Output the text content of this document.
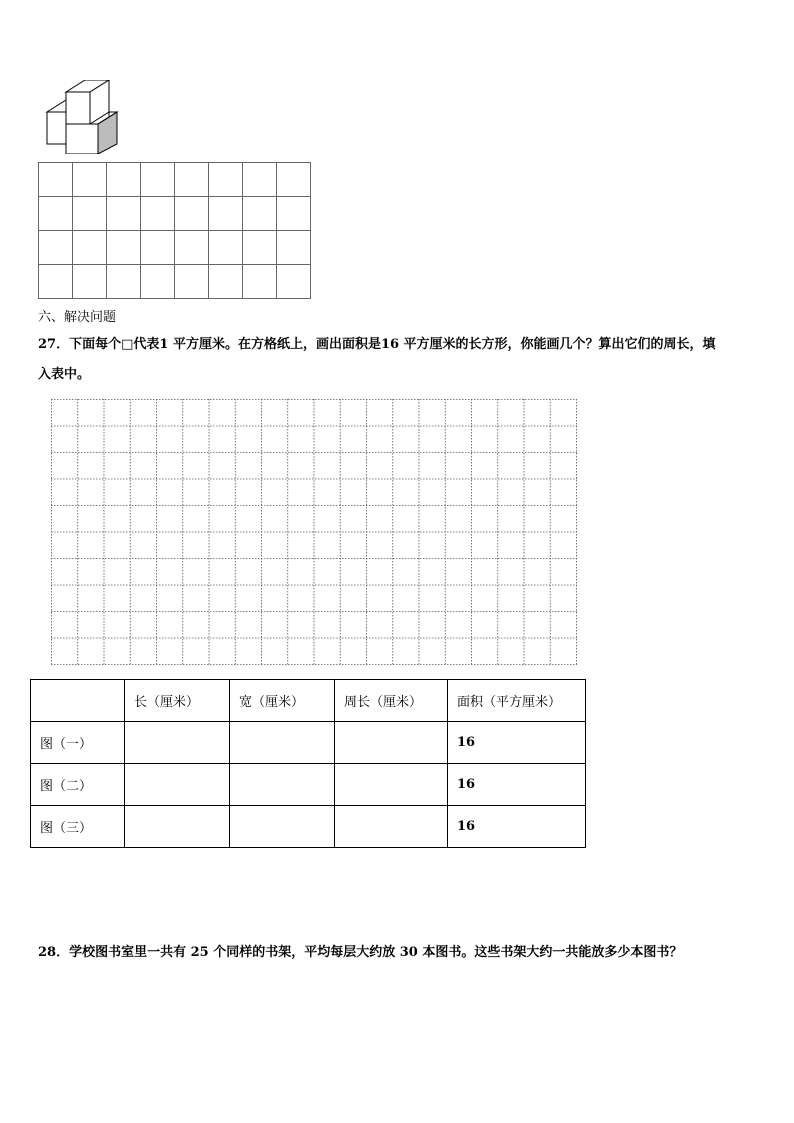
六、解决问题
27．下面每个□代表1 平方厘米。在方格纸上，画出面积是16 平方厘米的长方形，你能画几个？算出它们的周长，填
入表中。
	长（厘米）	宽（厘米）	周长（厘米）	面积（平方厘米）
图（一）				16
图（二）				16
图（三）				16
28．学校图书室里一共有 25 个同样的书架，平均每层大约放 30 本图书。这些书架大约一共能放多少本图书？
